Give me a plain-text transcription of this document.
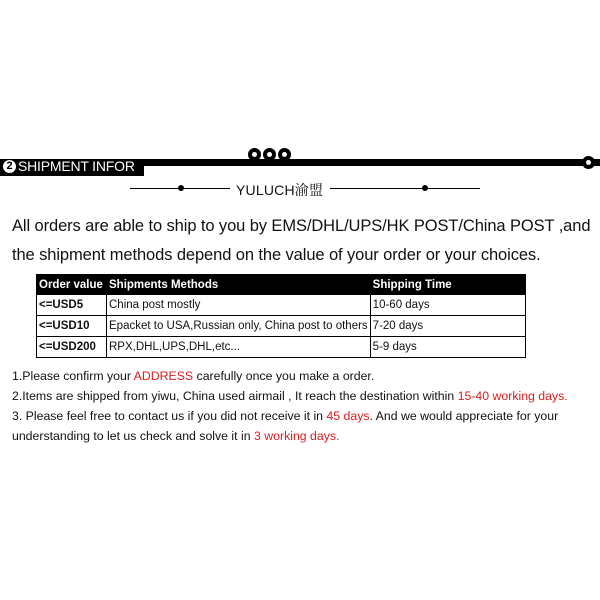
2 SHIPMENT INFOR
YULUCH渝盟
All orders are able to ship to you by EMS/DHL/UPS/HK POST/China POST ,and the shipment methods depend on the value of your order or your choices.
Order value	Shipments Methods	Shipping Time
<=USD5	China post mostly	10-60 days
<=USD10	Epacket to USA,Russian only, China post to others	7-20 days
<=USD200	RPX,DHL,UPS,DHL,etc...	5-9 days

1.Please confirm your ADDRESS carefully once you make a order.

2.Items are shipped from yiwu, China used airmail , It reach the destination within 15-40 working days.

3. Please feel free to contact us if you did not receive it in 45 days. And we would appreciate for your understanding to let us check and solve it in 3 working days.
